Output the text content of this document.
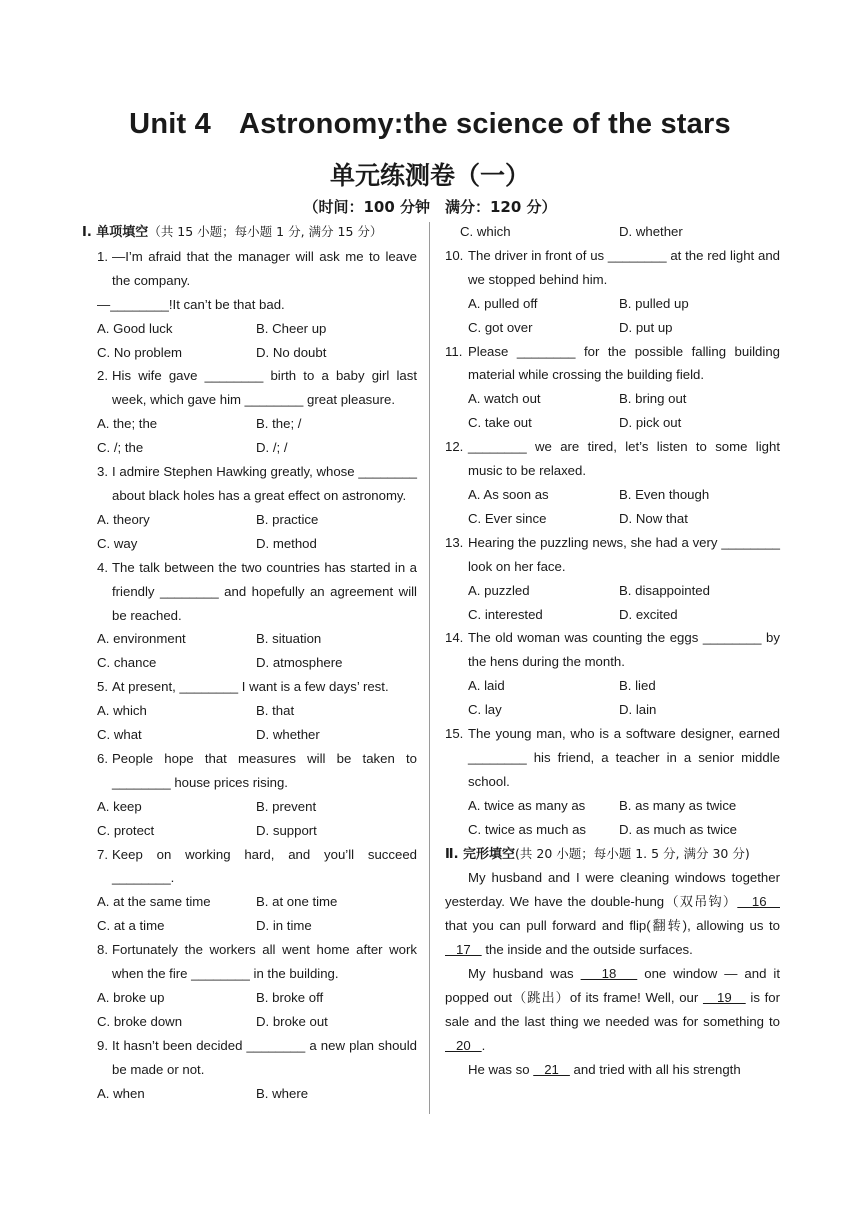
Unit 4 Astronomy:the science of the stars
单元练测卷（一）
（时间：100 分钟　满分：120 分）
Ⅰ. 单项填空（共 15 小题；每小题 1 分, 满分 15 分）
1. —I’m afraid that the manager will ask me to leave the company.
—________!It can’t be that bad.
A. Good luck	B. Cheer up
C. No problem	D. No doubt
2. His wife gave ________ birth to a baby girl last week, which gave him ________ great pleasure.
A. the; the	B. the; /
C. /; the	D. /; /
3. I admire Stephen Hawking greatly, whose ________ about black holes has a great effect on astronomy.
A. theory	B. practice
C. way	D. method
4. The talk between the two countries has started in a friendly ________ and hopefully an agreement will be reached.
A. environment	B. situation
C. chance	D. atmosphere
5. At present, ________ I want is a few days’ rest.
A. which	B. that
C. what	D. whether
6. People hope that measures will be taken to ________ house prices rising.
A. keep	B. prevent
C. protect	D. support
7. Keep on working hard, and you’ll succeed ________.
A. at the same time	B. at one time
C. at a time	D. in time
8. Fortunately the workers all went home after work when the fire ________ in the building.
A. broke up	B. broke off
C. broke down	D. broke out
9. It hasn’t been decided ________ a new plan should be made or not.
A. when	B. where
C. which	D. whether
10. The driver in front of us ________ at the red light and we stopped behind him.
A. pulled off	B. pulled up
C. got over	D. put up
11. Please ________ for the possible falling building material while crossing the building field.
A. watch out	B. bring out
C. take out	D. pick out
12. ________ we are tired, let’s listen to some light music to be relaxed.
A. As soon as	B. Even though
C. Ever since	D. Now that
13. Hearing the puzzling news, she had a very ________ look on her face.
A. puzzled	B. disappointed
C. interested	D. excited
14. The old woman was counting the eggs ________ by the hens during the month.
A. laid	B. lied
C. lay	D. lain
15. The young man, who is a software designer, earned ________ his friend, a teacher in a senior middle school.
A. twice as many as	B. as many as twice
C. twice as much as	D. as much as twice
Ⅱ. 完形填空(共 20 小题；每小题 1. 5 分, 满分 30 分)
My husband and I were cleaning windows together yesterday. We have the double-hung（双吊钩）   16    that you can pull forward and flip(翻转), allowing us to    17    the inside and the outside surfaces.
My husband was    18    one window — and it popped out（跳出）of its frame! Well, our    19    is for sale and the last thing we needed was for something to    20   .
He was so    21    and tried with all his strength
